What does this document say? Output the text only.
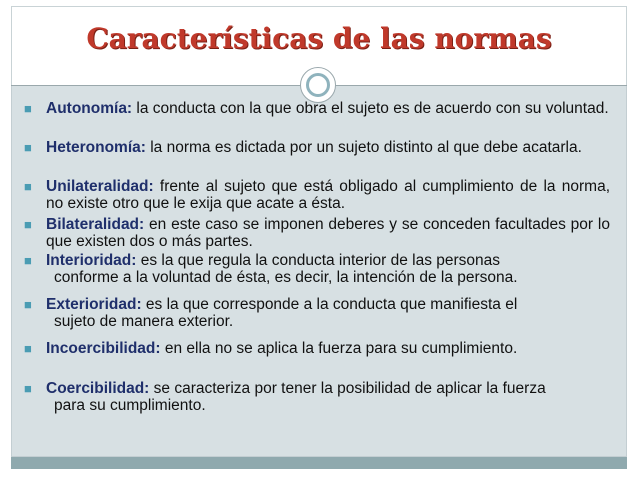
Características de las normas
■ Autonomía: la conducta con la que obra el sujeto es de acuerdo con su voluntad.
■ Heteronomía: la norma es dictada por un sujeto distinto al que debe acatarla.
■ Unilateralidad: frente al sujeto que está obligado al cumplimiento de la norma, no existe otro que le exija que acate a ésta.
■ Bilateralidad: en este caso se imponen deberes y se conceden facultades por lo que existen dos o más partes.
■ Interioridad: es la que regula la conducta interior de las personas
conforme a la voluntad de ésta, es decir, la intención de la persona.
■ Exterioridad: es la que corresponde a la conducta que manifiesta el
sujeto de manera exterior.
■ Incoercibilidad: en ella no se aplica la fuerza para su cumplimiento.
■ Coercibilidad: se caracteriza por tener la posibilidad de aplicar la fuerza
para su cumplimiento.
